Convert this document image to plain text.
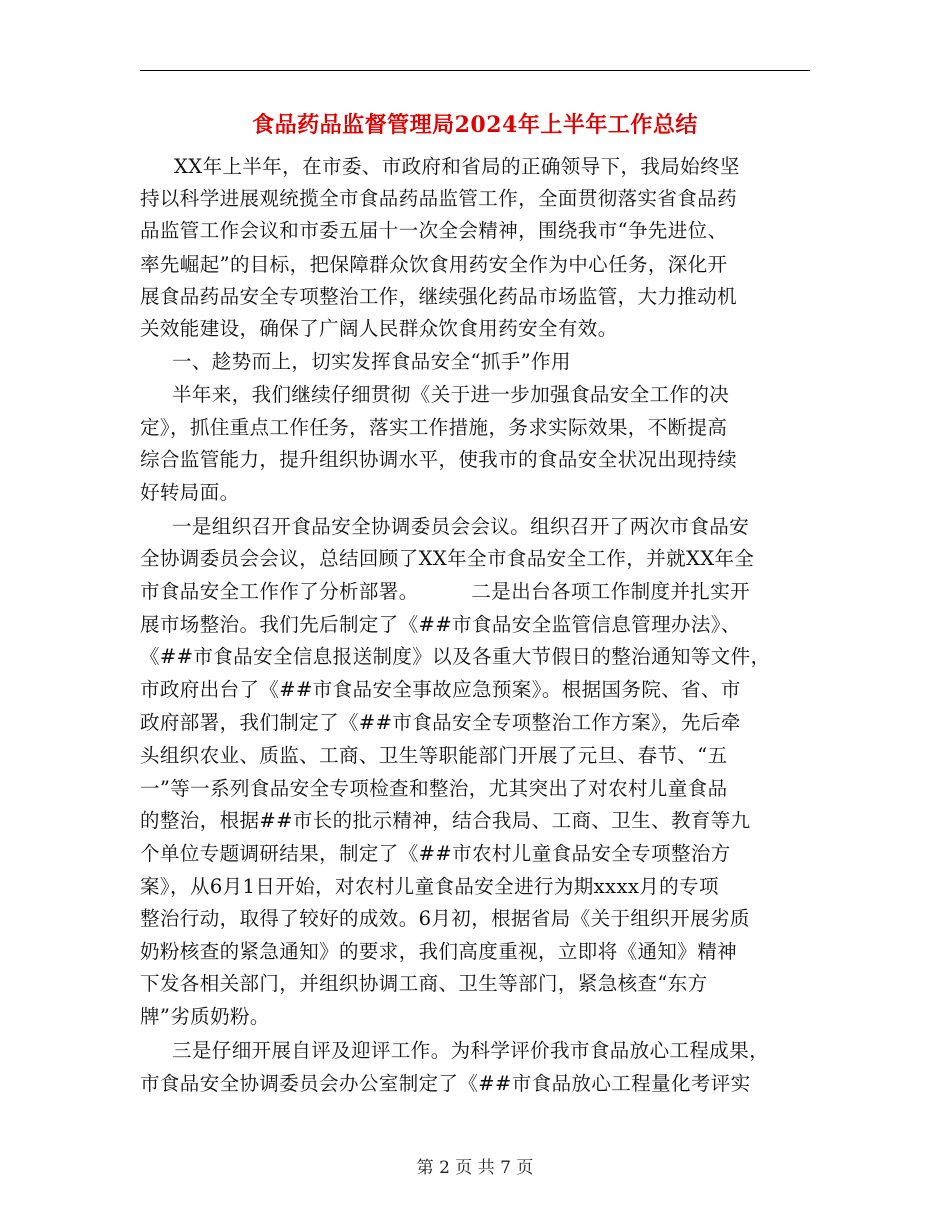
食品药品监督管理局2024年上半年工作总结
XX年上半年，在市委、市政府和省局的正确领导下，我局始终坚
持以科学进展观统揽全市食品药品监管工作，全面贯彻落实省食品药
品监管工作会议和市委五届十一次全会精神，围绕我市“争先进位、
率先崛起”的目标，把保障群众饮食用药安全作为中心任务，深化开
展食品药品安全专项整治工作，继续强化药品市场监管，大力推动机
关效能建设，确保了广阔人民群众饮食用药安全有效。
一、趁势而上，切实发挥食品安全“抓手”作用
半年来，我们继续仔细贯彻《关于进一步加强食品安全工作的决
定》，抓住重点工作任务，落实工作措施，务求实际效果，不断提高
综合监管能力，提升组织协调水平，使我市的食品安全状况出现持续
好转局面。
一是组织召开食品安全协调委员会会议。组织召开了两次市食品安
全协调委员会会议，总结回顾了XX年全市食品安全工作，并就XX年全
市食品安全工作作了分析部署。        二是出台各项工作制度并扎实开
展市场整治。我们先后制定了《##市食品安全监管信息管理办法》、
《##市食品安全信息报送制度》以及各重大节假日的整治通知等文件，
市政府出台了《##市食品安全事故应急预案》。根据国务院、省、市
政府部署，我们制定了《##市食品安全专项整治工作方案》，先后牵
头组织农业、质监、工商、卫生等职能部门开展了元旦、春节、“五
一”等一系列食品安全专项检查和整治，尤其突出了对农村儿童食品
的整治，根据##市长的批示精神，结合我局、工商、卫生、教育等九
个单位专题调研结果，制定了《##市农村儿童食品安全专项整治方
案》，从6月1日开始，对农村儿童食品安全进行为期xxxx月的专项
整治行动，取得了较好的成效。6月初，根据省局《关于组织开展劣质
奶粉核查的紧急通知》的要求，我们高度重视，立即将《通知》精神
下发各相关部门，并组织协调工商、卫生等部门，紧急核查“东方
牌”劣质奶粉。
三是仔细开展自评及迎评工作。为科学评价我市食品放心工程成果，
市食品安全协调委员会办公室制定了《##市食品放心工程量化考评实
第 2 页 共 7 页
